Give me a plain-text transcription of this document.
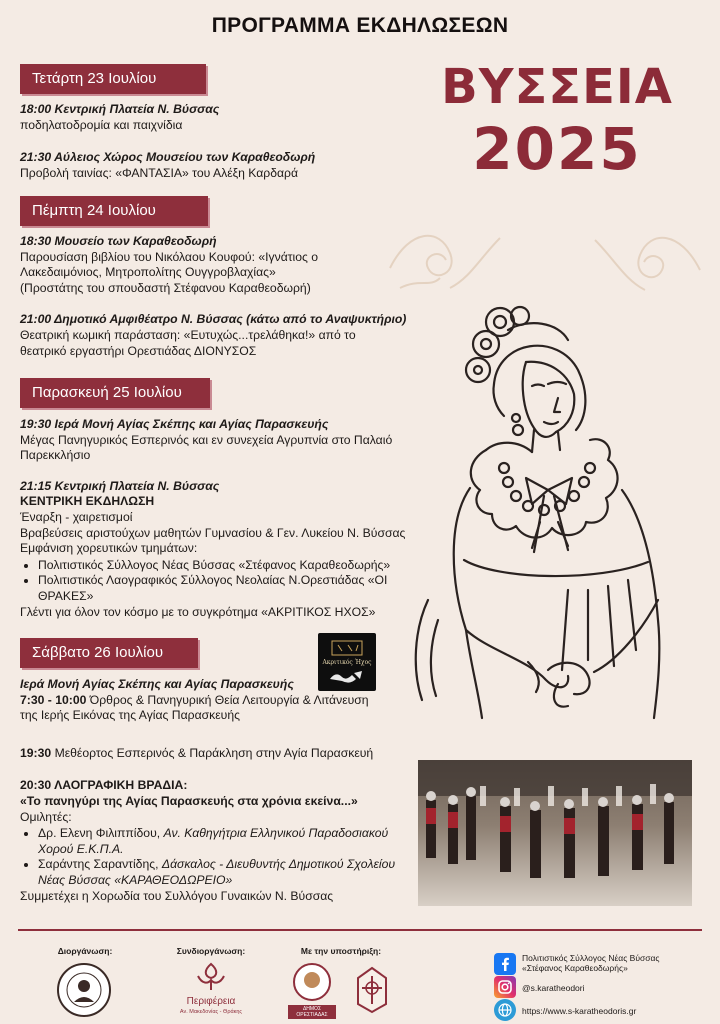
ΠΡΟΓΡΑΜΜΑ ΕΚΔΗΛΩΣΕΩΝ
ΒΥΣΣΕΙΑ
2025
Τετάρτη 23 Ιουλίου
18:00 Κεντρική Πλατεία Ν. Βύσσας
ποδηλατοδρομία και παιχνίδια
21:30 Αύλειος Χώρος Μουσείου των Καραθεοδωρή
Προβολή ταινίας: «ΦΑΝΤΑΣΙΑ» του Αλέξη Καρδαρά
Πέμπτη 24 Ιουλίου
18:30 Μουσείο των Καραθεοδωρή
Παρουσίαση βιβλίου του Νικόλαου Κουφού: «Ιγνάτιος ο
Λακεδαιμόνιος, Μητροπολίτης Ουγγροβλαχίας»
(Προστάτης του σπουδαστή Στέφανου Καραθεοδωρή)
21:00 Δημοτικό Αμφιθέατρο Ν. Βύσσας (κάτω από το Αναψυκτήριο)
Θεατρική κωμική παράσταση: «Ευτυχώς...τρελάθηκα!» από το
θεατρικό εργαστήρι Ορεστιάδας ΔΙΟΝΥΣΟΣ
Παρασκευή 25 Ιουλίου
19:30 Ιερά Μονή Αγίας Σκέπης και Αγίας Παρασκευής
Μέγας Πανηγυρικός Εσπερινός και εν συνεχεία Αγρυπνία στο Παλαιό
Παρεκκλήσιο
21:15 Κεντρική Πλατεία Ν. Βύσσας
ΚΕΝΤΡΙΚΗ ΕΚΔΗΛΩΣΗ
Έναρξη - χαιρετισμοί
Βραβεύσεις αριστούχων μαθητών Γυμνασίου & Γεν. Λυκείου Ν. Βύσσας
Εμφάνιση χορευτικών τμημάτων:
• Πολιτιστικός Σύλλογος Νέας Βύσσας «Στέφανος Καραθεοδωρής»
• Πολιτιστικός Λαογραφικός Σύλλογος Νεολαίας Ν.Ορεστιάδας «ΟΙ ΘΡΑΚΕΣ»
Γλέντι για όλον τον κόσμο με το συγκρότημα «ΑΚΡΙΤΙΚΟΣ ΗΧΟΣ»
Σάββατο 26 Ιουλίου
Ακριτικός Ήχος
Ιερά Μονή Αγίας Σκέπης και Αγίας Παρασκευής
7:30 - 10:00 Όρθρος & Πανηγυρική Θεία Λειτουργία & Λιτάνευση
της Ιερής Εικόνας της Αγίας Παρασκευής
19:30 Μεθέορτος Εσπερινός & Παράκληση στην Αγία Παρασκευή
20:30 ΛΑΟΓΡΑΦΙΚΗ ΒΡΑΔΙΑ:
«Το πανηγύρι της Αγίας Παρασκευής στα χρόνια εκείνα...»
Ομιλητές:
• Δρ. Ελενη Φιλιππίδου, Αν. Καθηγήτρια Ελληνικού Παραδοσιακού Χορού Ε.Κ.Π.Α.
• Σαράντης Σαραντίδης, Δάσκαλος - Διευθυντής Δημοτικού Σχολείου Νέας Βύσσας «ΚΑΡΑΘΕΟΔΩΡΕΙΟ»
Συμμετέχει η Χορωδία του Συλλόγου Γυναικών Ν. Βύσσας
Διοργάνωση:	Συνδιοργάνωση:
Περιφέρεια
Αν. Μακεδονίας - Θράκης
Με την υποστήριξη:
ΔΗΜΟΣ ΟΡΕΣΤΙΑΔΑΣ
Πολιτιστικός Σύλλογος Νέας Βύσσας
«Στέφανος Καραθεοδωρής»
@s.karatheodori
https://www.s-karatheodoris.gr
